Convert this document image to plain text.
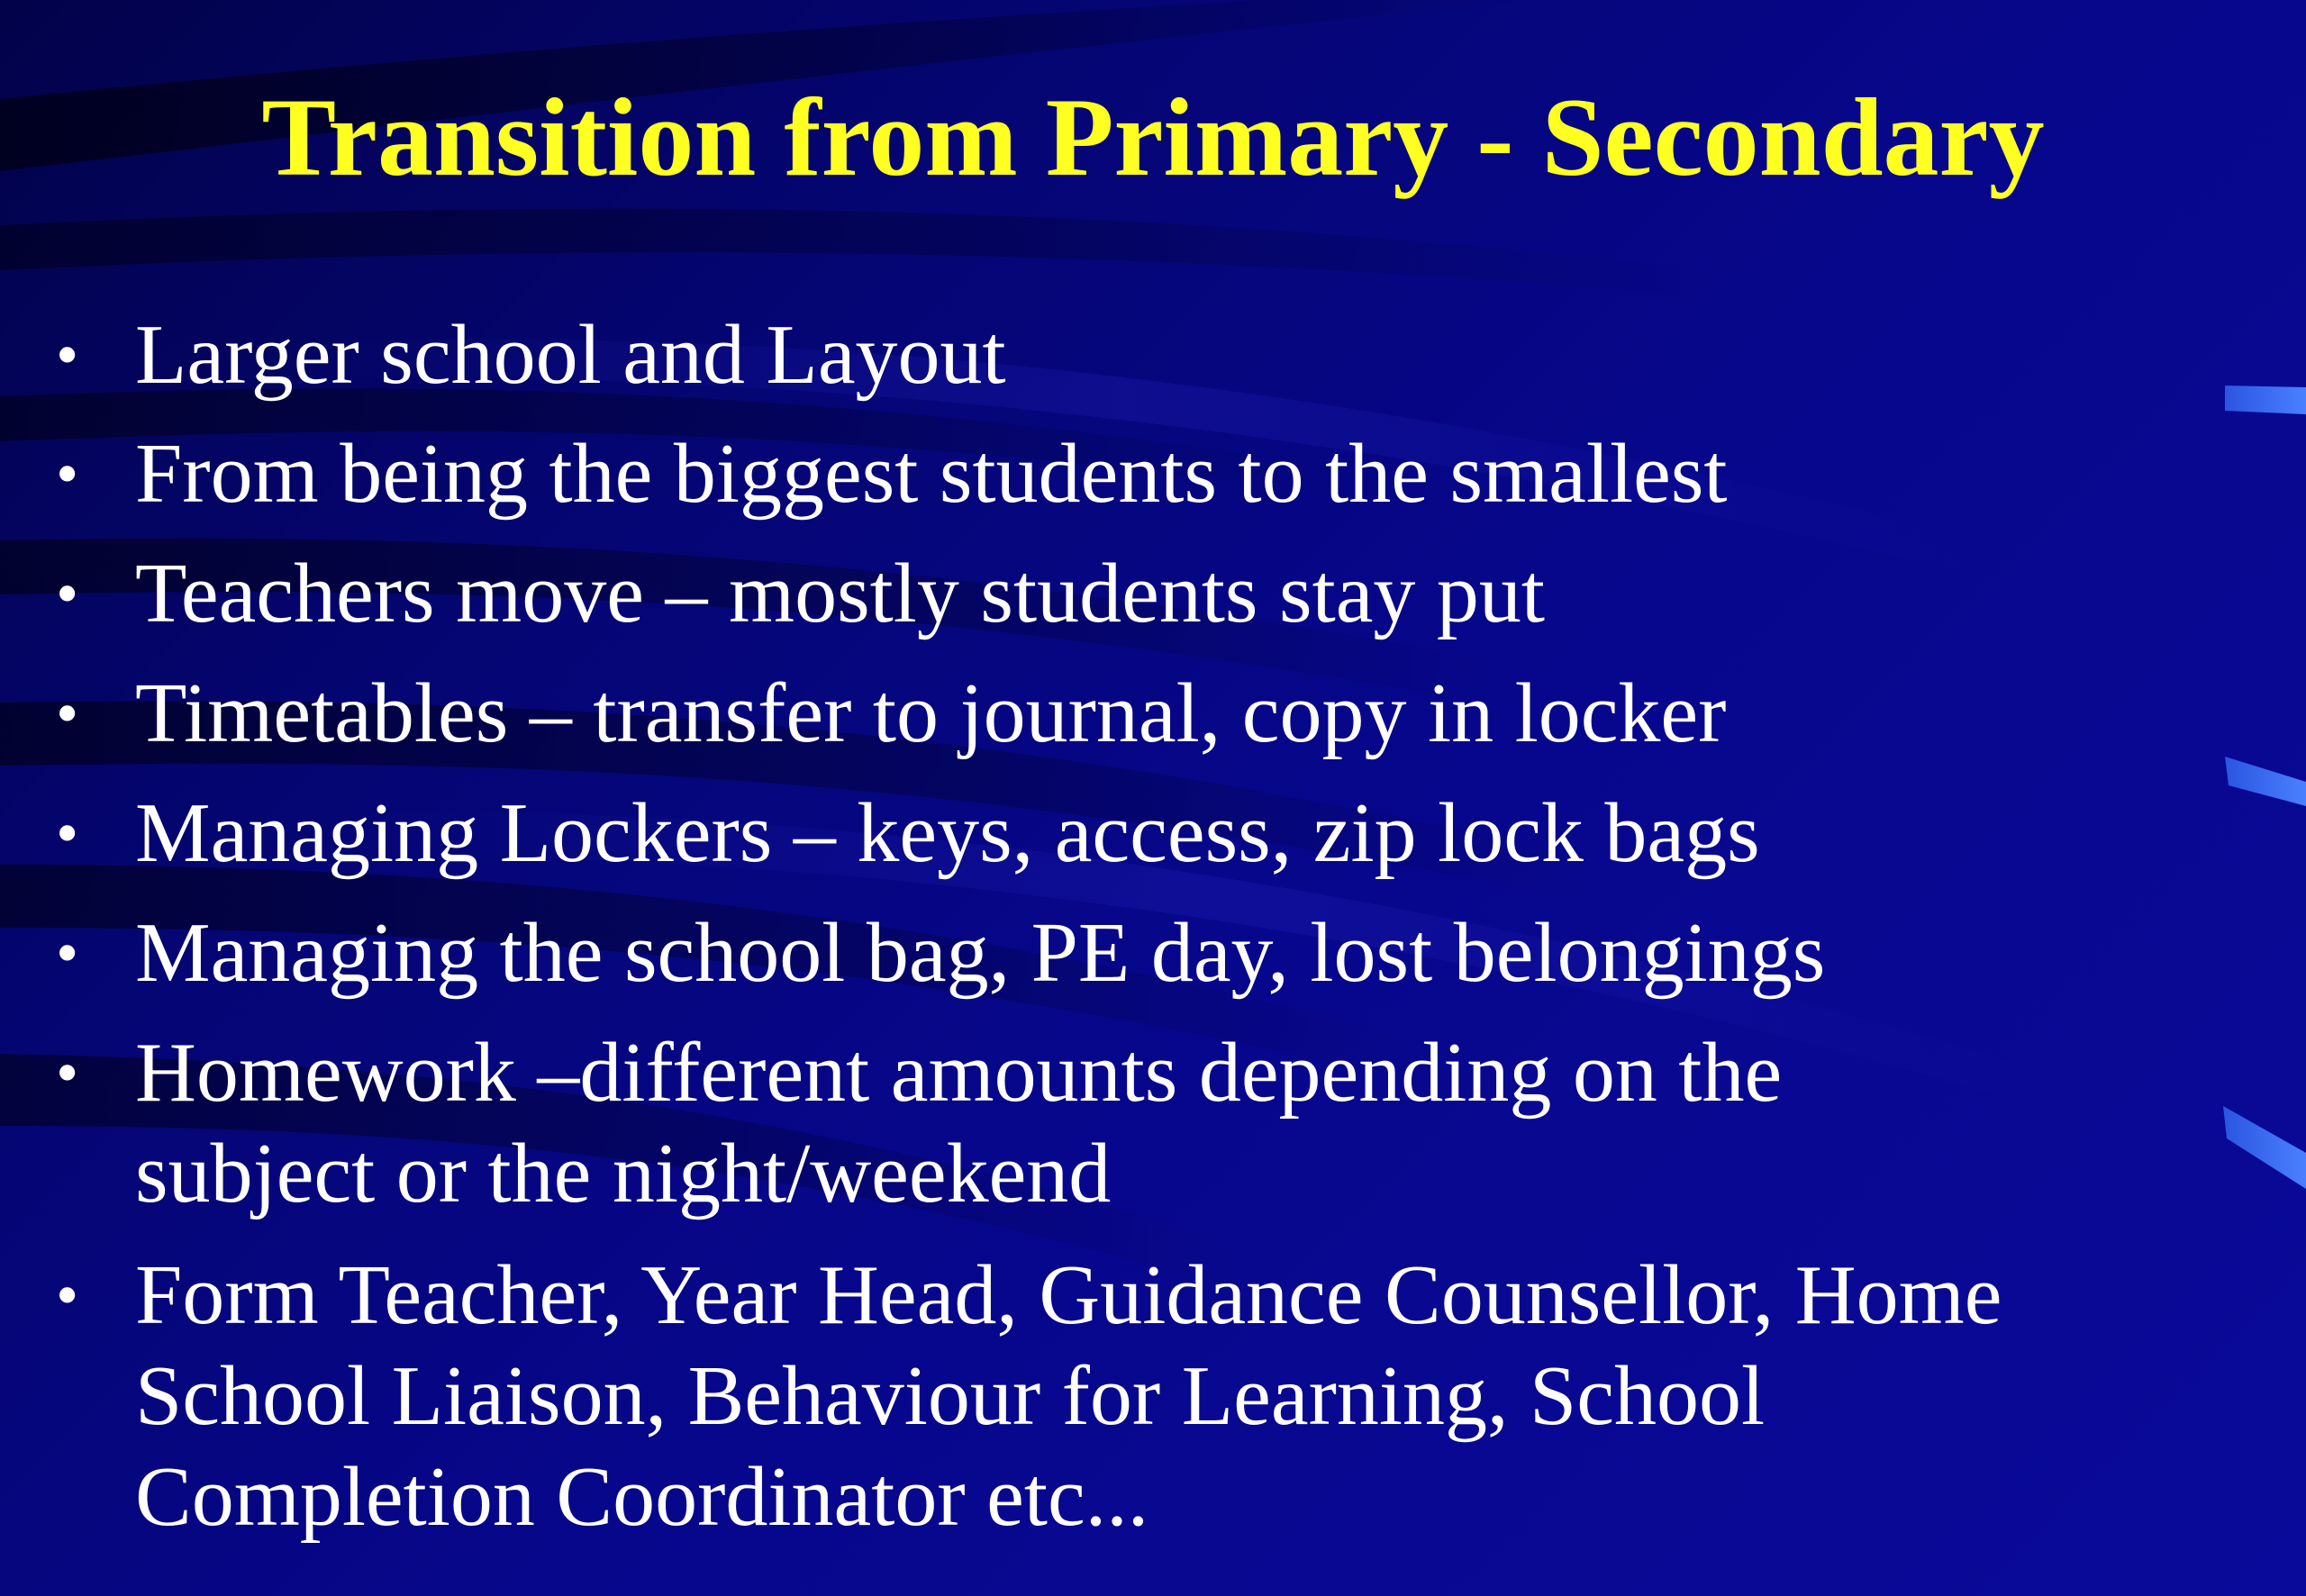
Transition from Primary - Secondary
• Larger school and Layout
• From being the biggest students to the smallest
• Teachers move – mostly students stay put
• Timetables – transfer to journal, copy in locker
• Managing Lockers – keys, access, zip lock bags
• Managing the school bag, PE day, lost belongings
• Homework –different amounts depending on the
subject or the night/weekend
• Form Teacher, Year Head, Guidance Counsellor, Home
School Liaison, Behaviour for Learning, School
Completion Coordinator etc...
